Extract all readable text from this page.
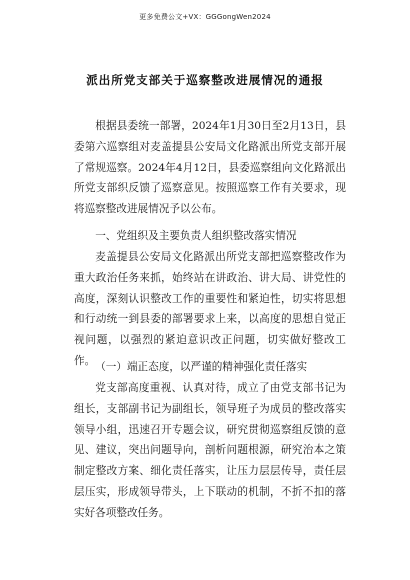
更多免费公文+VX：GGGongWen2024
派出所党支部关于巡察整改进展情况的通报

根据县委统一部署，2024年1月30日至2月13日，县委第六巡察组对麦盖提县公安局文化路派出所党支部开展了常规巡察。2024年4月12日，县委巡察组向文化路派出所党支部织反馈了巡察意见。按照巡察工作有关要求，现将巡察整改进展情况予以公布。

一、党组织及主要负责人组织整改落实情况

麦盖提县公安局文化路派出所党支部把巡察整改作为重大政治任务来抓，始终站在讲政治、讲大局、讲党性的高度，深刻认识整改工作的重要性和紧迫性，切实将思想和行动统一到县委的部署要求上来，以高度的思想自觉正视问题，以强烈的紧迫意识改正问题，切实做好整改工作。

（一）端正态度，以严谨的精神强化责任落实

党支部高度重视、认真对待，成立了由党支部书记为组长，支部副书记为副组长，领导班子为成员的整改落实领导小组，迅速召开专题会议，研究贯彻巡察组反馈的意见、建议，突出问题导向，剖析问题根源，研究治本之策制定整改方案、细化责任落实，让压力层层传导，责任层层压实，形成领导带头，上下联动的机制，不折不扣的落实好各项整改任务。
